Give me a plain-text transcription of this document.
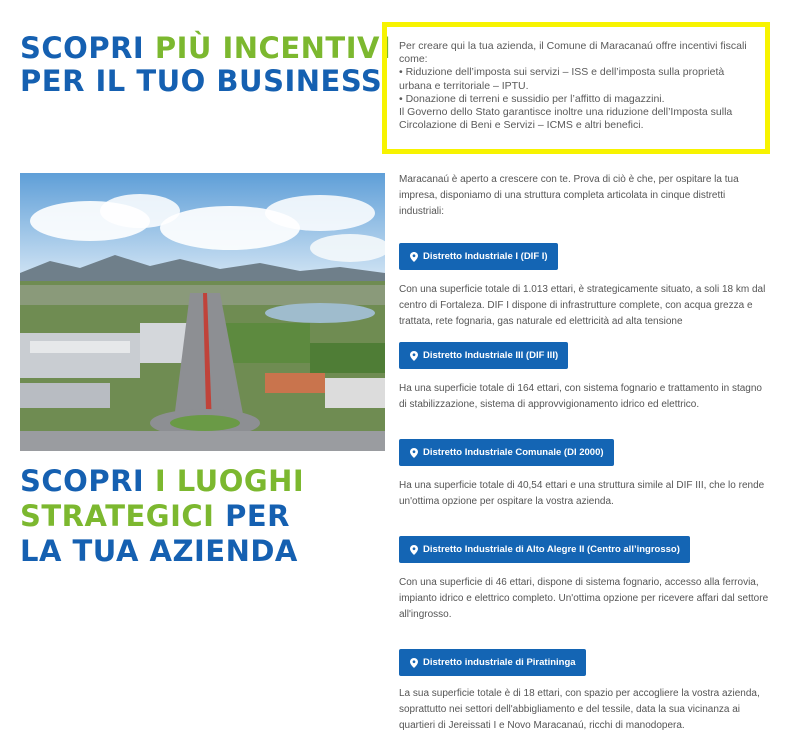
SCOPRI PIÙ INCENTIVI
PER IL TUO BUSINESS

Per creare qui la tua azienda, il Comune di Maracanaú offre incentivi fiscali come:

• Riduzione dell’imposta sui servizi – ISS e dell’imposta sulla proprietà urbana e territoriale – IPTU.

• Donazione di terreni e sussidio per l’affitto di magazzini.

Il Governo dello Stato garantisce inoltre una riduzione dell’Imposta sulla Circolazione di Beni e Servizi – ICMS e altri benefici.

SCOPRI I LUOGHI
STRATEGICI PER
LA TUA AZIENDA
Maracanaú è aperto a crescere con te. Prova di ciò è che, per ospitare la tua impresa, disponiamo di una struttura completa articolata in cinque distretti industriali:
Distretto Industriale I (DIF I)
Con una superficie totale di 1.013 ettari, è strategicamente situato, a soli 18 km dal centro di Fortaleza. DIF I dispone di infrastrutture complete, con acqua grezza e trattata, rete fognaria, gas naturale ed elettricità ad alta tensione
Distretto Industriale III (DIF III)
Ha una superficie totale di 164 ettari, con sistema fognario e trattamento in stagno di stabilizzazione, sistema di approvvigionamento idrico ed elettrico.
Distretto Industriale Comunale (DI 2000)
Ha una superficie totale di 40,54 ettari e una struttura simile al DIF III, che lo rende un'ottima opzione per ospitare la vostra azienda.
Distretto Industriale di Alto Alegre II (Centro all’ingrosso)
Con una superficie di 46 ettari, dispone di sistema fognario, accesso alla ferrovia, impianto idrico e elettrico completo. Un'ottima opzione per ricevere affari dal settore all'ingrosso.
Distretto industriale di Piratininga
La sua superficie totale è di 18 ettari, con spazio per accogliere la vostra azienda, soprattutto nei settori dell'abbigliamento e del tessile, data la sua vicinanza ai quartieri di Jereissati I e Novo Maracanaú, ricchi di manodopera.
